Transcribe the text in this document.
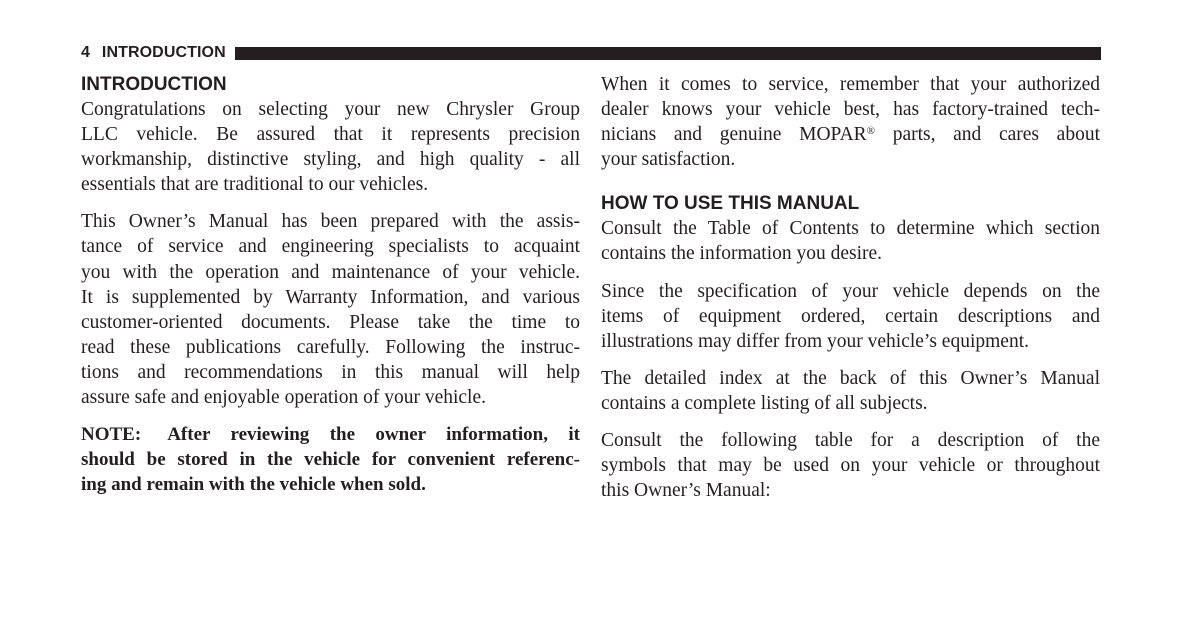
4 INTRODUCTION
INTRODUCTION
Congratulations on selecting your new Chrysler Group
LLC vehicle. Be assured that it represents precision
workmanship, distinctive styling, and high quality - all
essentials that are traditional to our vehicles.
This Owner’s Manual has been prepared with the assis-
tance of service and engineering specialists to acquaint
you with the operation and maintenance of your vehicle.
It is supplemented by Warranty Information, and various
customer-oriented documents. Please take the time to
read these publications carefully. Following the instruc-
tions and recommendations in this manual will help
assure safe and enjoyable operation of your vehicle.
NOTE: After reviewing the owner information, it
should be stored in the vehicle for convenient referenc-
ing and remain with the vehicle when sold.
When it comes to service, remember that your authorized
dealer knows your vehicle best, has factory-trained tech-
nicians and genuine MOPAR® parts, and cares about
your satisfaction.
HOW TO USE THIS MANUAL
Consult the Table of Contents to determine which section
contains the information you desire.
Since the specification of your vehicle depends on the
items of equipment ordered, certain descriptions and
illustrations may differ from your vehicle’s equipment.
The detailed index at the back of this Owner’s Manual
contains a complete listing of all subjects.
Consult the following table for a description of the
symbols that may be used on your vehicle or throughout
this Owner’s Manual:
